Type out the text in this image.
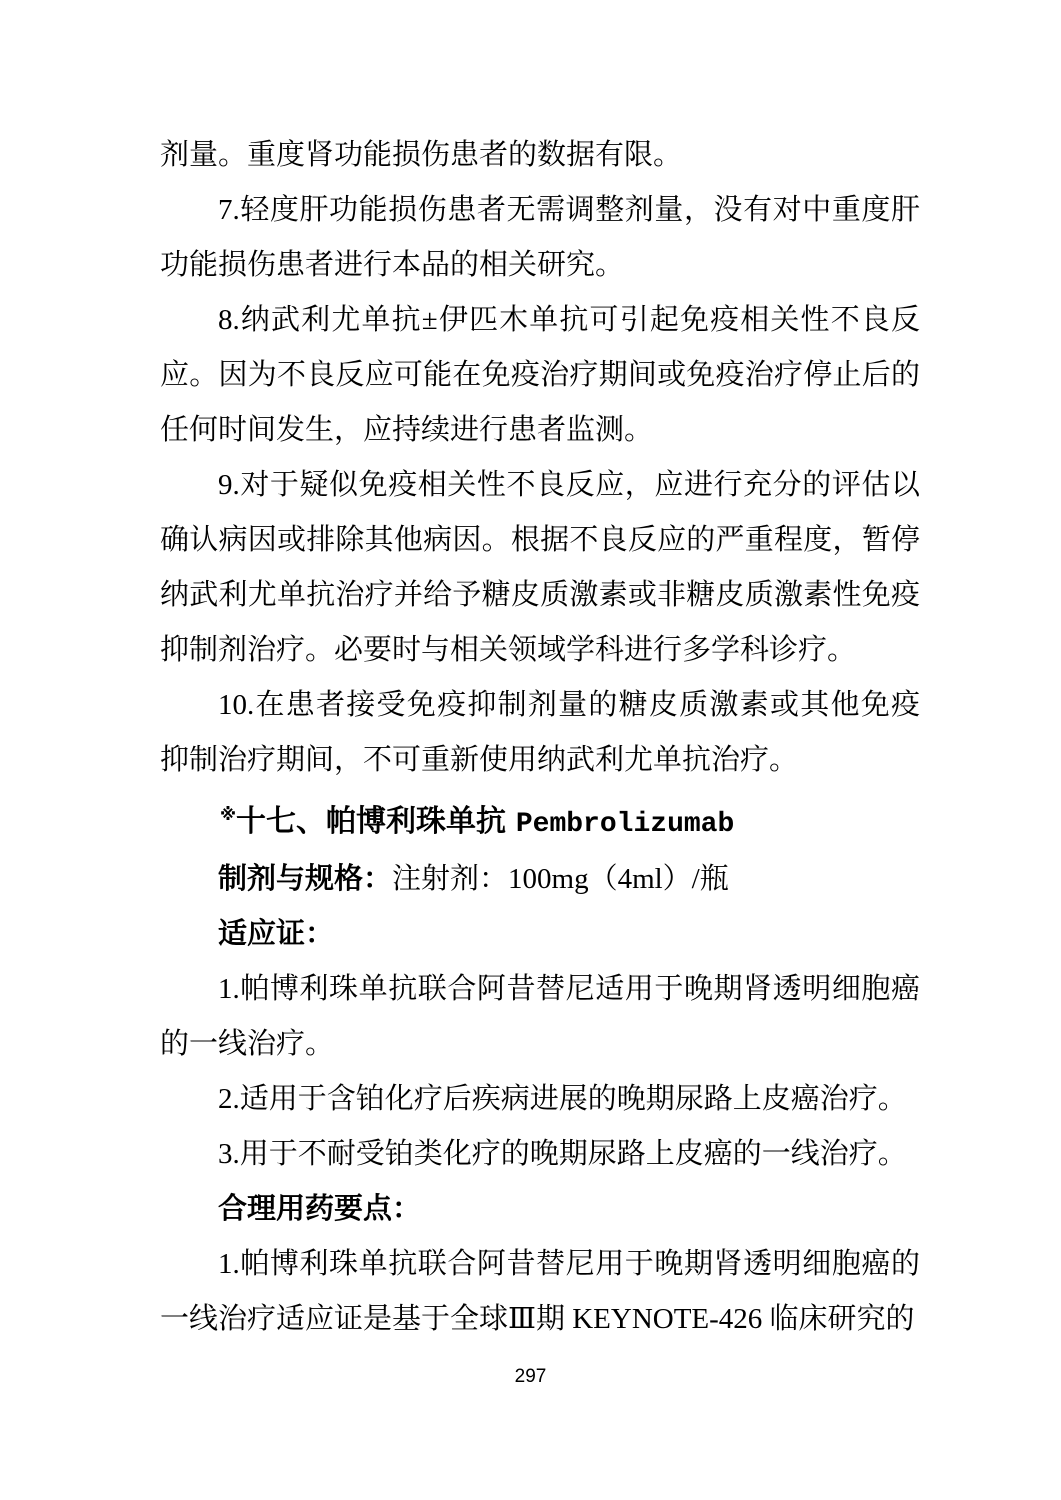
剂量。重度肾功能损伤患者的数据有限。

7.轻度肝功能损伤患者无需调整剂量，没有对中重度肝功能损伤患者进行本品的相关研究。

8.纳武利尤单抗±伊匹木单抗可引起免疫相关性不良反应。因为不良反应可能在免疫治疗期间或免疫治疗停止后的任何时间发生，应持续进行患者监测。

9.对于疑似免疫相关性不良反应，应进行充分的评估以确认病因或排除其他病因。根据不良反应的严重程度，暂停纳武利尤单抗治疗并给予糖皮质激素或非糖皮质激素性免疫抑制剂治疗。必要时与相关领域学科进行多学科诊疗。

10.在患者接受免疫抑制剂量的糖皮质激素或其他免疫抑制治疗期间，不可重新使用纳武利尤单抗治疗。

※十七、帕博利珠单抗 Pembrolizumab

制剂与规格：注射剂：100mg（4ml）/瓶

适应证：

1.帕博利珠单抗联合阿昔替尼适用于晚期肾透明细胞癌的一线治疗。

2.适用于含铂化疗后疾病进展的晚期尿路上皮癌治疗。

3.用于不耐受铂类化疗的晚期尿路上皮癌的一线治疗。

合理用药要点：

1.帕博利珠单抗联合阿昔替尼用于晚期肾透明细胞癌的一线治疗适应证是基于全球Ⅲ期 KEYNOTE-426 临床研究的

297
